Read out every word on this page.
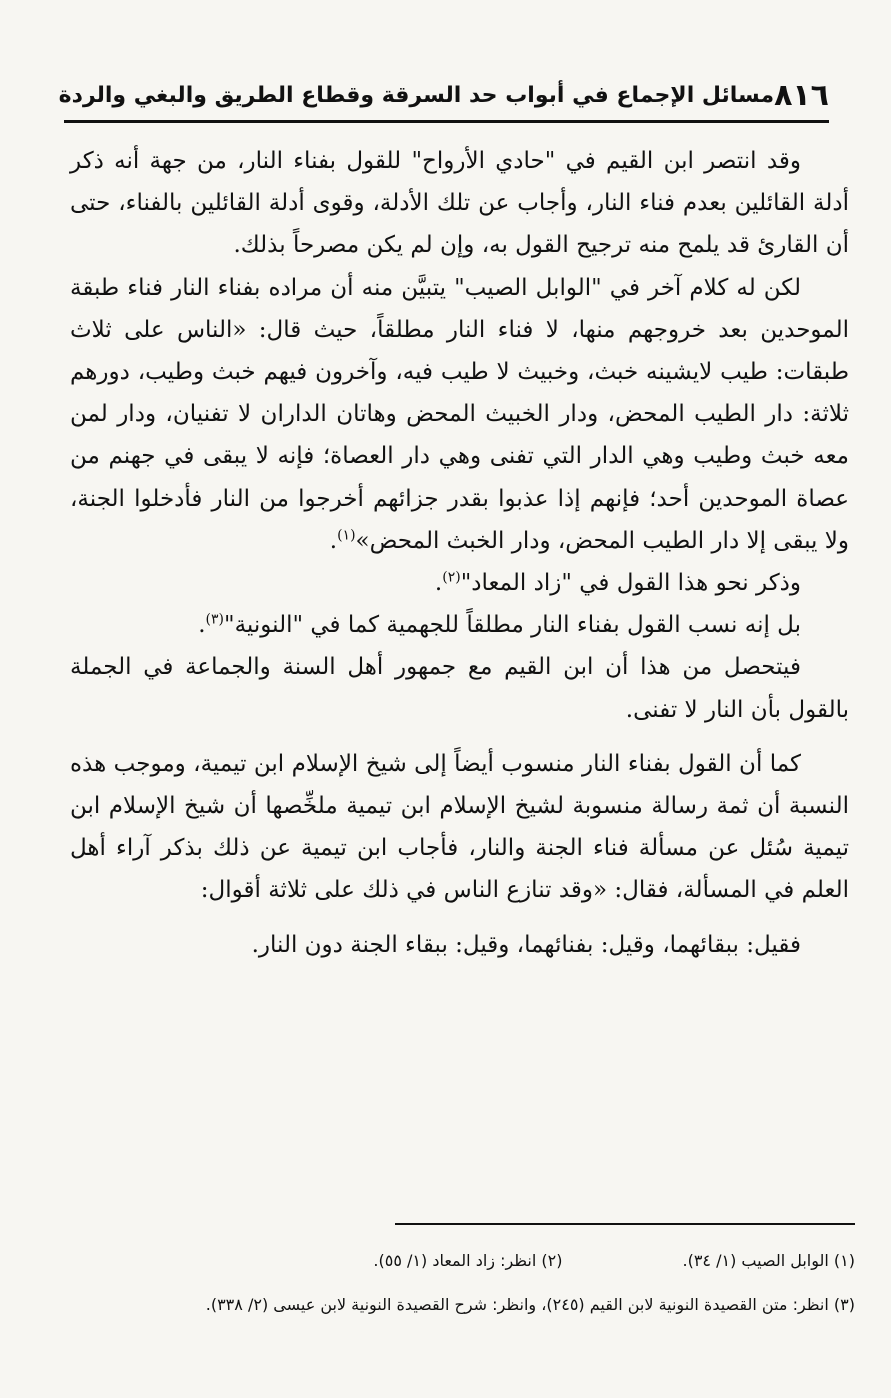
٨١٦
مسائل الإجماع في أبواب حد السرقة وقطاع الطريق والبغي والردة

وقد انتصر ابن القيم في "حادي الأرواح" للقول بفناء النار، من جهة أنه ذكر أدلة القائلين بعدم فناء النار، وأجاب عن تلك الأدلة، وقوى أدلة القائلين بالفناء، حتى أن القارئ قد يلمح منه ترجيح القول به، وإن لم يكن مصرحاً بذلك.

لكن له كلام آخر في "الوابل الصيب" يتبيَّن منه أن مراده بفناء النار فناء طبقة الموحدين بعد خروجهم منها، لا فناء النار مطلقاً، حيث قال: «الناس على ثلاث طبقات: طيب لايشينه خبث، وخبيث لا طيب فيه، وآخرون فيهم خبث وطيب، دورهم ثلاثة: دار الطيب المحض، ودار الخبيث المحض وهاتان الداران لا تفنيان، ودار لمن معه خبث وطيب وهي الدار التي تفنى وهي دار العصاة؛ فإنه لا يبقى في جهنم من عصاة الموحدين أحد؛ فإنهم إذا عذبوا بقدر جزائهم أخرجوا من النار فأدخلوا الجنة، ولا يبقى إلا دار الطيب المحض، ودار الخبث المحض»$^{(١)}$.

وذكر نحو هذا القول في "زاد المعاد"$^{(٢)}$.

بل إنه نسب القول بفناء النار مطلقاً للجهمية كما في "النونية"$^{(٣)}$.

فيتحصل من هذا أن ابن القيم مع جمهور أهل السنة والجماعة في الجملة بالقول بأن النار لا تفنى.

كما أن القول بفناء النار منسوب أيضاً إلى شيخ الإسلام ابن تيمية، وموجب هذه النسبة أن ثمة رسالة منسوبة لشيخ الإسلام ابن تيمية ملخِّصها أن شيخ الإسلام ابن تيمية سُئل عن مسألة فناء الجنة والنار، فأجاب ابن تيمية عن ذلك بذكر آراء أهل العلم في المسألة، فقال: «وقد تنازع الناس في ذلك على ثلاثة أقوال:

فقيل: ببقائهما، وقيل: بفنائهما، وقيل: ببقاء الجنة دون النار.

(١) الوابل الصيب (١/ ٣٤).
(٢) انظر: زاد المعاد (١/ ٥٥).
(٣) انظر: متن القصيدة النونية لابن القيم (٢٤٥)، وانظر: شرح القصيدة النونية لابن عيسى (٢/ ٣٣٨).
